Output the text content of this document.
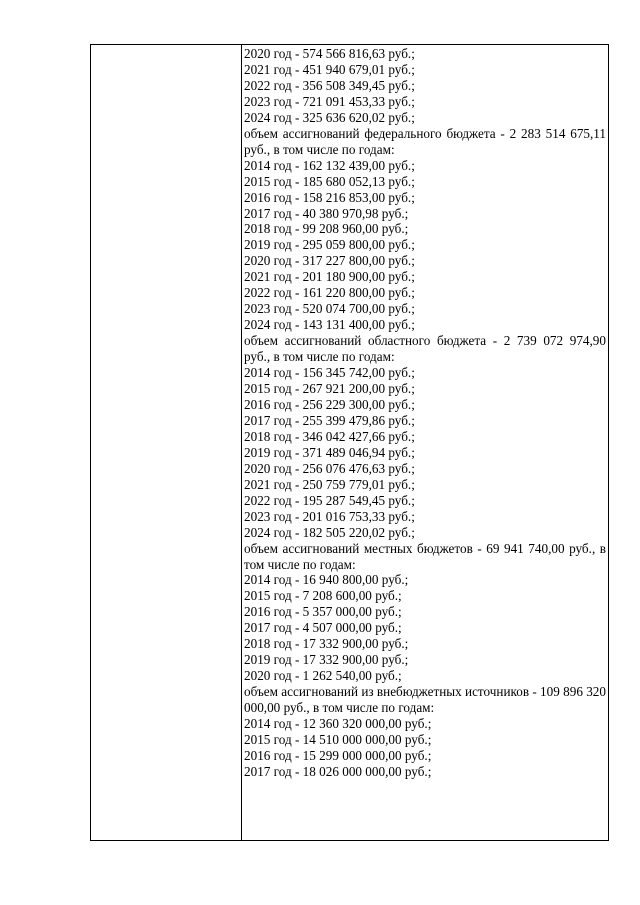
2020 год - 574 566 816,63 руб.;
2021 год - 451 940 679,01 руб.;
2022 год - 356 508 349,45 руб.;
2023 год - 721 091 453,33 руб.;
2024 год - 325 636 620,02 руб.;
объем ассигнований федерального бюджета - 2 283 514 675,11 руб., в том числе по годам:
2014 год - 162 132 439,00 руб.;
2015 год - 185 680 052,13 руб.;
2016 год - 158 216 853,00 руб.;
2017 год - 40 380 970,98 руб.;
2018 год - 99 208 960,00 руб.;
2019 год - 295 059 800,00 руб.;
2020 год - 317 227 800,00 руб.;
2021 год - 201 180 900,00 руб.;
2022 год - 161 220 800,00 руб.;
2023 год - 520 074 700,00 руб.;
2024 год - 143 131 400,00 руб.;
объем ассигнований областного бюджета - 2 739 072 974,90 руб., в том числе по годам:
2014 год - 156 345 742,00 руб.;
2015 год - 267 921 200,00 руб.;
2016 год - 256 229 300,00 руб.;
2017 год - 255 399 479,86 руб.;
2018 год - 346 042 427,66 руб.;
2019 год - 371 489 046,94 руб.;
2020 год - 256 076 476,63 руб.;
2021 год - 250 759 779,01 руб.;
2022 год - 195 287 549,45 руб.;
2023 год - 201 016 753,33 руб.;
2024 год - 182 505 220,02 руб.;
объем ассигнований местных бюджетов - 69 941 740,00 руб., в том числе по годам:
2014 год - 16 940 800,00 руб.;
2015 год - 7 208 600,00 руб.;
2016 год - 5 357 000,00 руб.;
2017 год - 4 507 000,00 руб.;
2018 год - 17 332 900,00 руб.;
2019 год - 17 332 900,00 руб.;
2020 год - 1 262 540,00 руб.;
объем ассигнований из внебюджетных источников - 109 896 320 000,00 руб., в том числе по годам:
2014 год - 12 360 320 000,00 руб.;
2015 год - 14 510 000 000,00 руб.;
2016 год - 15 299 000 000,00 руб.;
2017 год - 18 026 000 000,00 руб.;
